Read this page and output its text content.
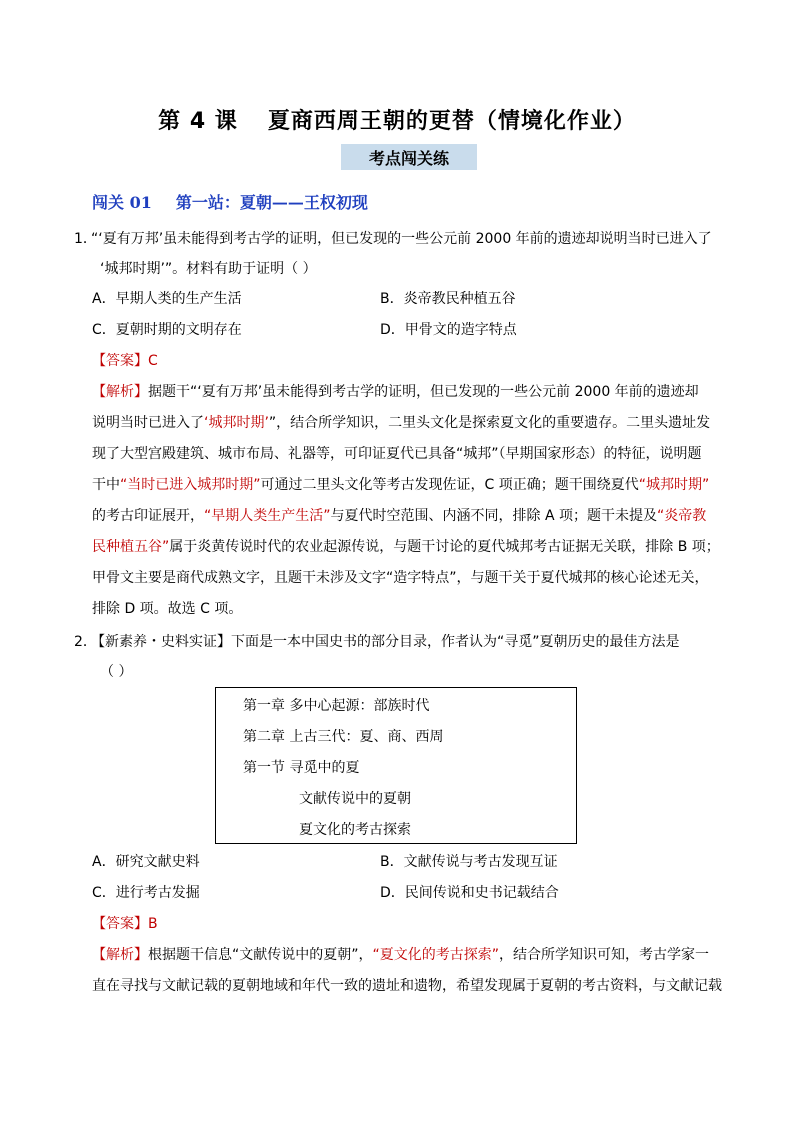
第 4 课 夏商西周王朝的更替（情境化作业）
考点闯关练
闯关 01 第一站：夏朝——王权初现
1．
“‘夏有万邦’虽未能得到考古学的证明，但已发现的一些公元前 2000 年前的遗迹却说明当时已进入了
‘城邦时期’”。材料有助于证明（ ）
A．早期人类的生产生活	B．炎帝教民种植五谷
C．夏朝时期的文明存在	D．甲骨文的造字特点
【答案】C
【解析】据题干“‘夏有万邦’虽未能得到考古学的证明，但已发现的一些公元前 2000 年前的遗迹却
说明当时已进入了‘城邦时期’”，结合所学知识，二里头文化是探索夏文化的重要遗存。二里头遗址发
现了大型宫殿建筑、城市布局、礼器等，可印证夏代已具备“城邦”（早期国家形态）的特征，说明题
干中“当时已进入城邦时期”可通过二里头文化等考古发现佐证，C 项正确；题干围绕夏代“城邦时期”
的考古印证展开，“早期人类生产生活”与夏代时空范围、内涵不同，排除 A 项；题干未提及“炎帝教
民种植五谷”属于炎黄传说时代的农业起源传说，与题干讨论的夏代城邦考古证据无关联，排除 B 项；
甲骨文主要是商代成熟文字，且题干未涉及文字“造字特点”，与题干关于夏代城邦的核心论述无关，
排除 D 项。故选 C 项。
2．
【新素养・史料实证】下面是一本中国史书的部分目录，作者认为“寻觅”夏朝历史的最佳方法是
（ ）
第一章 多中心起源：部族时代
第二章 上古三代：夏、商、西周
第一节 寻觅中的夏
文献传说中的夏朝
夏文化的考古探索
A．研究文献史料	B．文献传说与考古发现互证
C．进行考古发掘	D．民间传说和史书记载结合
【答案】B
【解析】根据题干信息“文献传说中的夏朝”，“夏文化的考古探索”，结合所学知识可知，考古学家一
直在寻找与文献记载的夏朝地域和年代一致的遗址和遗物，希望发现属于夏朝的考古资料，与文献记载
